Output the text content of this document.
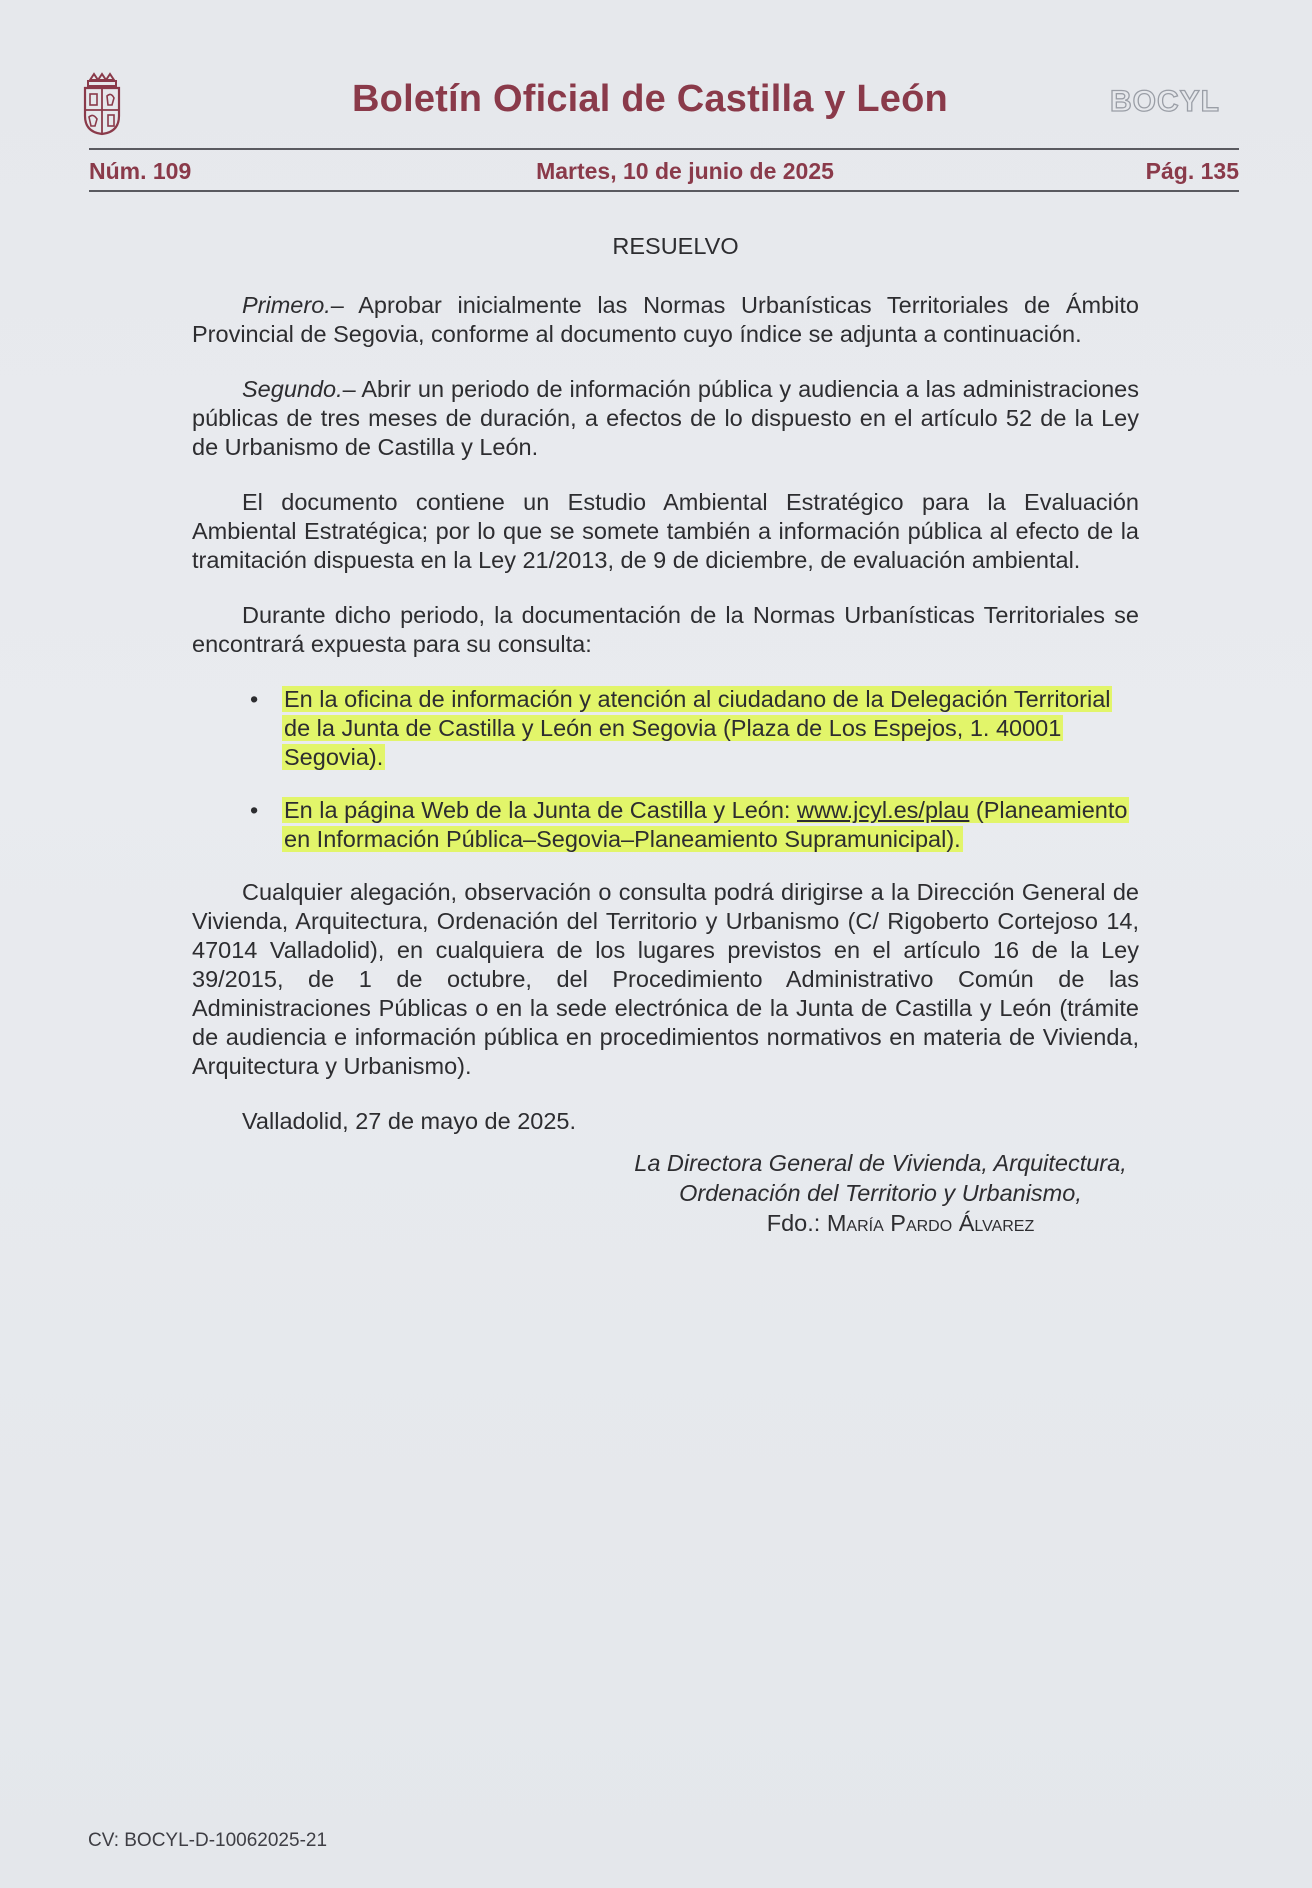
Boletín Oficial de Castilla y León	BOCYL
Núm. 109	Martes, 10 de junio de 2025	Pág. 135
RESUELVO

Primero.– Aprobar inicialmente las Normas Urbanísticas Territoriales de Ámbito Provincial de Segovia, conforme al documento cuyo índice se adjunta a continuación.

Segundo.– Abrir un periodo de información pública y audiencia a las administraciones públicas de tres meses de duración, a efectos de lo dispuesto en el artículo 52 de la Ley de Urbanismo de Castilla y León.

El documento contiene un Estudio Ambiental Estratégico para la Evaluación Ambiental Estratégica; por lo que se somete también a información pública al efecto de la tramitación dispuesta en la Ley 21/2013, de 9 de diciembre, de evaluación ambiental.

Durante dicho periodo, la documentación de la Normas Urbanísticas Territoriales se encontrará expuesta para su consulta:

• En la oficina de información y atención al ciudadano de la Delegación Territorial de la Junta de Castilla y León en Segovia (Plaza de Los Espejos, 1. 40001 Segovia).
• En la página Web de la Junta de Castilla y León: www.jcyl.es/plau (Planeamiento en Información Pública–Segovia–Planeamiento Supramunicipal).

Cualquier alegación, observación o consulta podrá dirigirse a la Dirección General de Vivienda, Arquitectura, Ordenación del Territorio y Urbanismo (C/ Rigoberto Cortejoso 14, 47014 Valladolid), en cualquiera de los lugares previstos en el artículo 16 de la Ley 39/2015, de 1 de octubre, del Procedimiento Administrativo Común de las Administraciones Públicas o en la sede electrónica de la Junta de Castilla y León (trámite de audiencia e información pública en procedimientos normativos en materia de Vivienda, Arquitectura y Urbanismo).

Valladolid, 27 de mayo de 2025.
La Directora General de Vivienda, Arquitectura,
Ordenación del Territorio y Urbanismo,
Fdo.: María Pardo Álvarez
CV: BOCYL-D-10062025-21
